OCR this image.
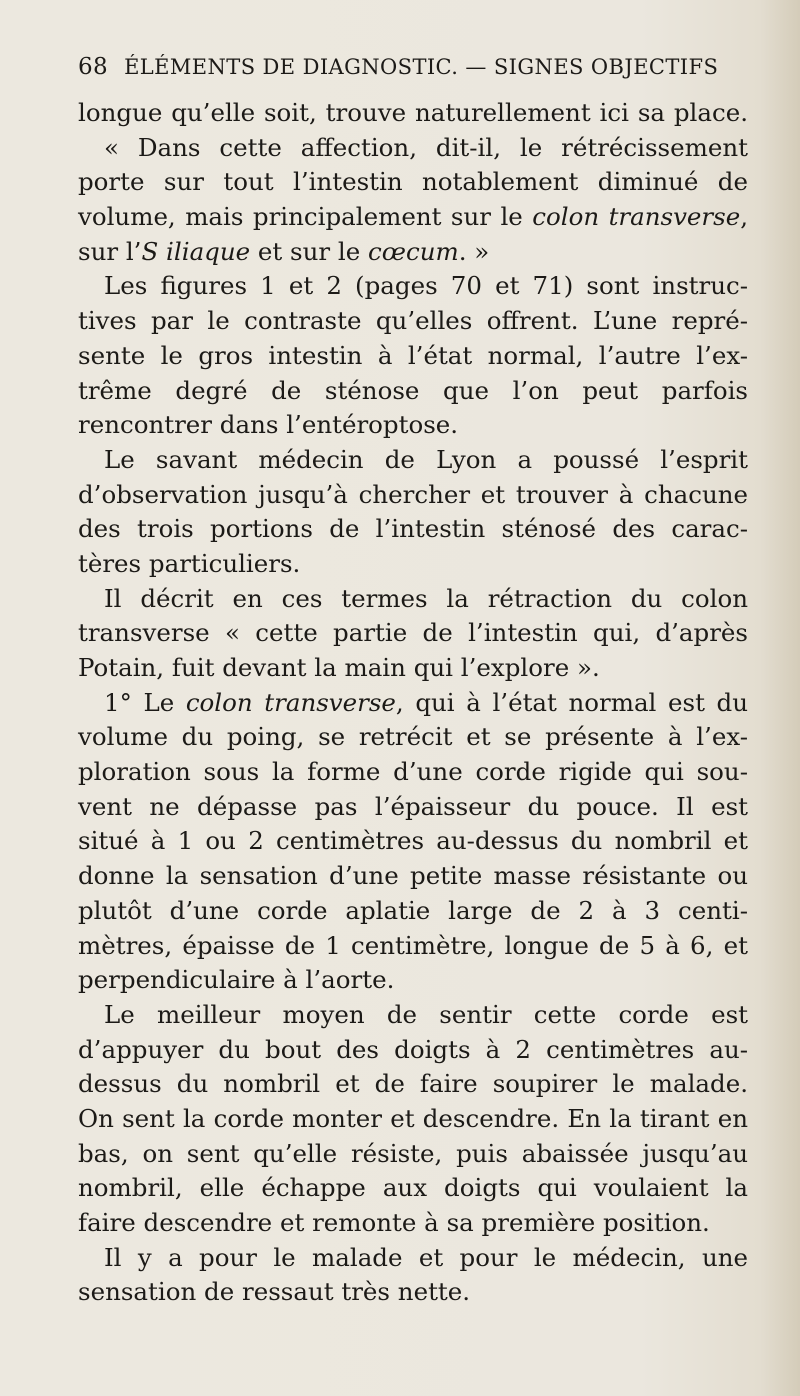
68 ÉLÉMENTS DE DIAGNOSTIC. — SIGNES OBJECTIFS
longue qu’elle soit, trouve naturellement ici sa place.
« Dans cette affection, dit-il, le rétrécissement
porte sur tout l’intestin notablement diminué de
volume, mais principalement sur le colon transverse,
sur l’S iliaque et sur le cœcum. »
Les figures 1 et 2 (pages 70 et 71) sont instruc-
tives par le contraste qu’elles offrent. L’une repré-
sente le gros intestin à l’état normal, l’autre l’ex-
trême degré de sténose que l’on peut parfois
rencontrer dans l’entéroptose.
Le savant médecin de Lyon a poussé l’esprit
d’observation jusqu’à chercher et trouver à chacune
des trois portions de l’intestin sténosé des carac-
tères particuliers.
Il décrit en ces termes la rétraction du colon
transverse « cette partie de l’intestin qui, d’après
Potain, fuit devant la main qui l’explore ».
1° Le colon transverse, qui à l’état normal est du
volume du poing, se retrécit et se présente à l’ex-
ploration sous la forme d’une corde rigide qui sou-
vent ne dépasse pas l’épaisseur du pouce. Il est
situé à 1 ou 2 centimètres au-dessus du nombril et
donne la sensation d’une petite masse résistante ou
plutôt d’une corde aplatie large de 2 à 3 centi-
mètres, épaisse de 1 centimètre, longue de 5 à 6, et
perpendiculaire à l’aorte.
Le meilleur moyen de sentir cette corde est
d’appuyer du bout des doigts à 2 centimètres au-
dessus du nombril et de faire soupirer le malade.
On sent la corde monter et descendre. En la tirant en
bas, on sent qu’elle résiste, puis abaissée jusqu’au
nombril, elle échappe aux doigts qui voulaient la
faire descendre et remonte à sa première position.
Il y a pour le malade et pour le médecin, une
sensation de ressaut très nette.
